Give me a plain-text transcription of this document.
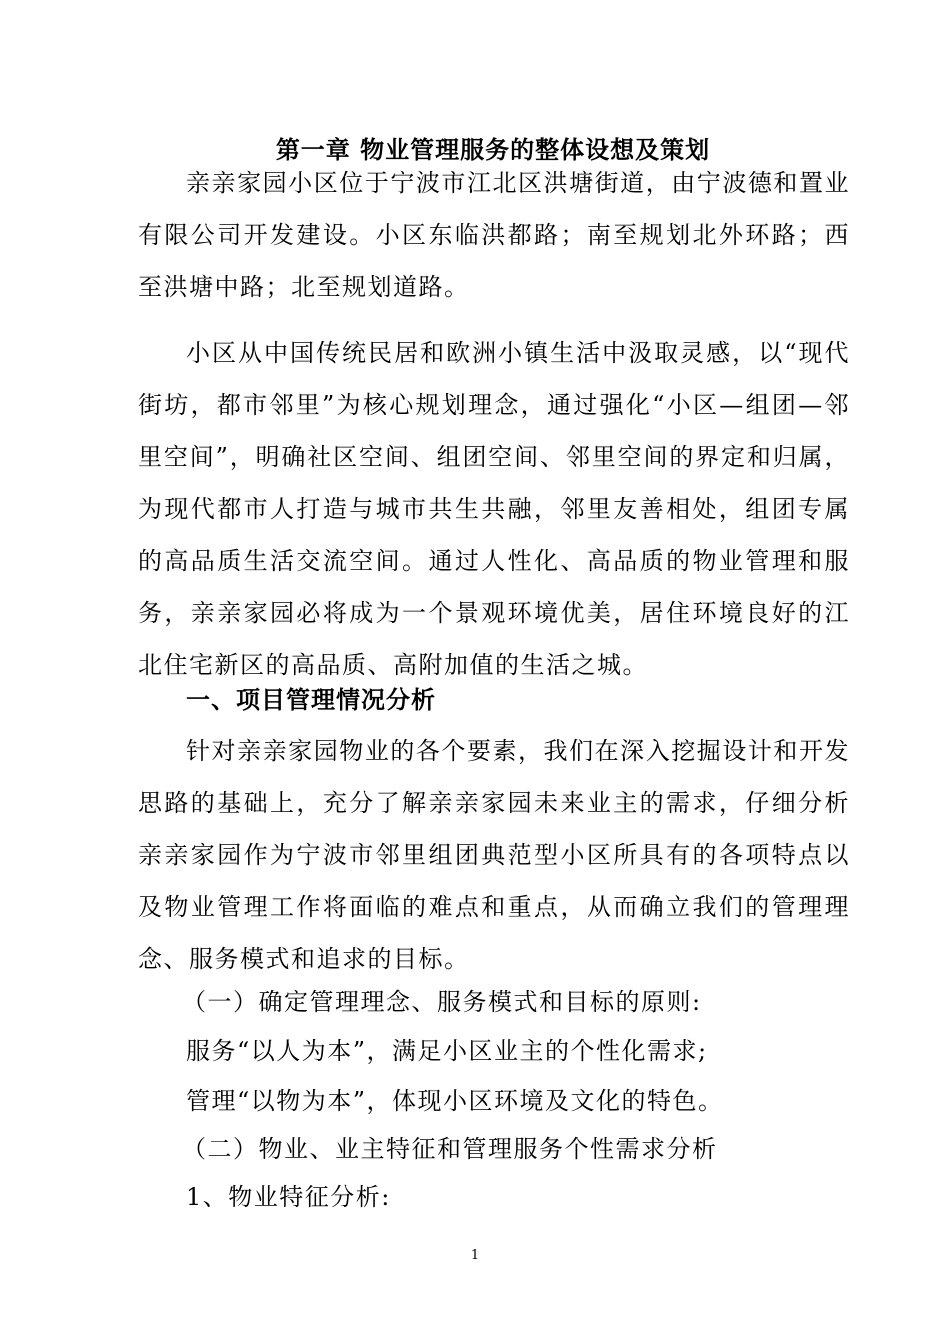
第一章 物业管理服务的整体设想及策划

亲亲家园小区位于宁波市江北区洪塘街道，由宁波德和置业有限公司开发建设。小区东临洪都路；南至规划北外环路；西至洪塘中路；北至规划道路。

小区从中国传统民居和欧洲小镇生活中汲取灵感，以“现代街坊，都市邻里”为核心规划理念，通过强化“小区—组团—邻里空间”，明确社区空间、组团空间、邻里空间的界定和归属，为现代都市人打造与城市共生共融，邻里友善相处，组团专属的高品质生活交流空间。通过人性化、高品质的物业管理和服务，亲亲家园必将成为一个景观环境优美，居住环境良好的江北住宅新区的高品质、高附加值的生活之城。

一、项目管理情况分析

针对亲亲家园物业的各个要素，我们在深入挖掘设计和开发思路的基础上，充分了解亲亲家园未来业主的需求，仔细分析亲亲家园作为宁波市邻里组团典范型小区所具有的各项特点以及物业管理工作将面临的难点和重点，从而确立我们的管理理念、服务模式和追求的目标。

（一）确定管理理念、服务模式和目标的原则:
服务“以人为本”，满足小区业主的个性化需求;
管理“以物为本”，体现小区环境及文化的特色。
（二）物业、业主特征和管理服务个性需求分析
1、物业特征分析:
1
